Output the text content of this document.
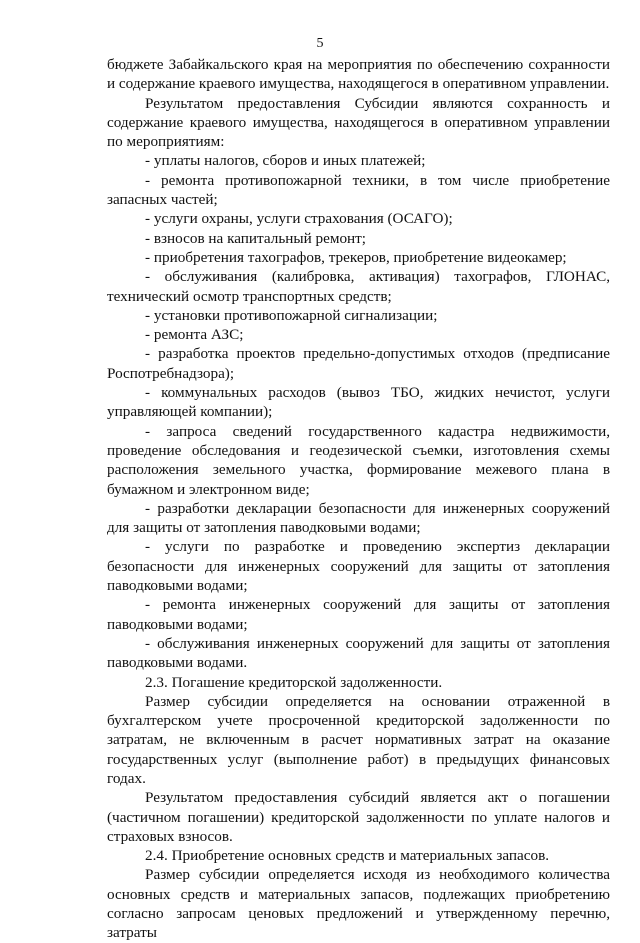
5

бюджете Забайкальского края на мероприятия по обеспечению сохранности и содержание краевого имущества, находящегося в оперативном управлении.

Результатом предоставления Субсидии являются сохранность и содержание краевого имущества, находящегося в оперативном управлении по мероприятиям:

- уплаты налогов, сборов и иных платежей;

- ремонта противопожарной техники, в том числе приобретение запасных частей;

- услуги охраны, услуги страхования (ОСАГО);

- взносов на капитальный ремонт;

- приобретения тахографов, трекеров, приобретение видеокамер;

- обслуживания (калибровка, активация) тахографов, ГЛОНАС, технический осмотр транспортных средств;

- установки противопожарной сигнализации;

- ремонта АЗС;

- разработка проектов предельно-допустимых отходов (предписание Роспотребнадзора);

- коммунальных расходов (вывоз ТБО, жидких нечистот, услуги управляющей компании);

- запроса сведений государственного кадастра недвижимости, проведение обследования и геодезической съемки, изготовления схемы расположения земельного участка, формирование межевого плана в бумажном и электронном виде;

- разработки декларации безопасности для инженерных сооружений для защиты от затопления паводковыми водами;

- услуги по разработке и проведению экспертиз декларации безопасности для инженерных сооружений для защиты от затопления паводковыми водами;

- ремонта инженерных сооружений для защиты от затопления паводковыми водами;

- обслуживания инженерных сооружений для защиты от затопления паводковыми водами.

2.3. Погашение кредиторской задолженности.

Размер субсидии определяется на основании отраженной в бухгалтерском учете просроченной кредиторской задолженности по затратам, не включенным в расчет нормативных затрат на оказание государственных услуг (выполнение работ) в предыдущих финансовых годах.

Результатом предоставления субсидий является акт о погашении (частичном погашении) кредиторской задолженности по уплате налогов и страховых взносов.

2.4. Приобретение основных средств и материальных запасов.

Размер субсидии определяется исходя из необходимого количества основных средств и материальных запасов, подлежащих приобретению согласно запросам ценовых предложений и утвержденному перечню, затраты
